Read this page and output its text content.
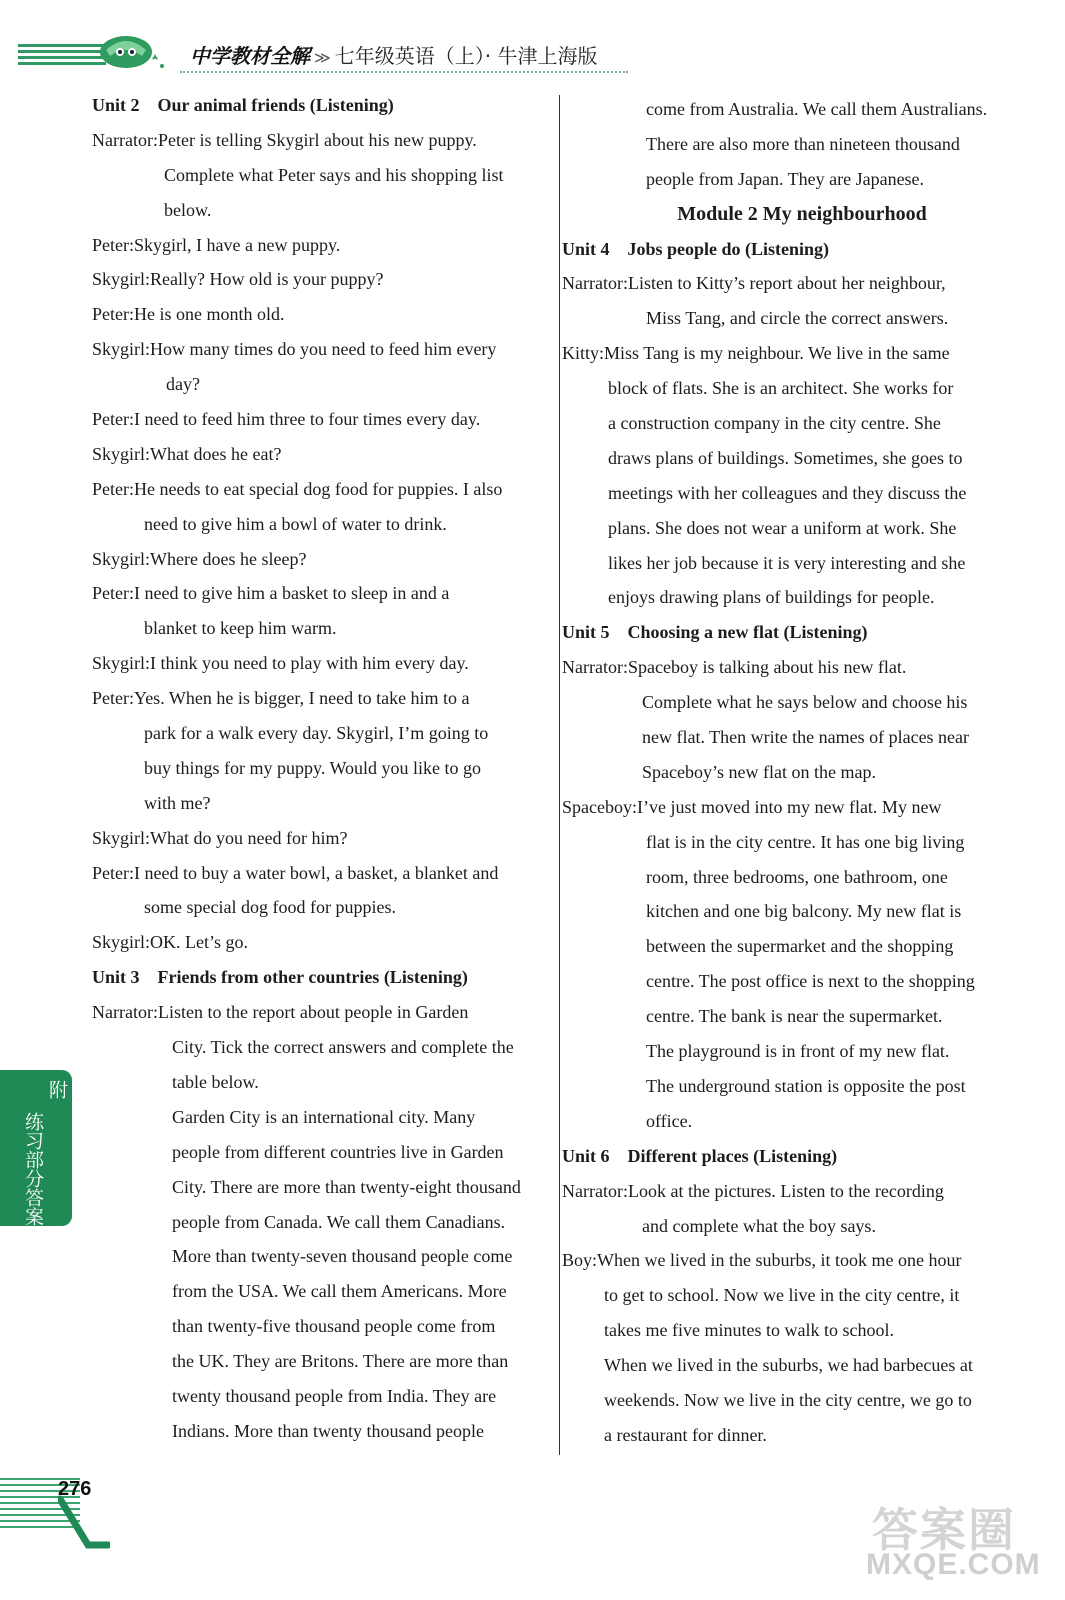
中学教材全解 ≫ 七年级英语（上）· 牛津上海版
Unit 2 Our animal friends (Listening)
Narrator:Peter is telling Skygirl about his new puppy.
Complete what Peter says and his shopping list
below.
Peter:Skygirl, I have a new puppy.
Skygirl:Really? How old is your puppy?
Peter:He is one month old.
Skygirl:How many times do you need to feed him every
day?
Peter:I need to feed him three to four times every day.
Skygirl:What does he eat?
Peter:He needs to eat special dog food for puppies. I also
need to give him a bowl of water to drink.
Skygirl:Where does he sleep?
Peter:I need to give him a basket to sleep in and a
blanket to keep him warm.
Skygirl:I think you need to play with him every day.
Peter:Yes. When he is bigger, I need to take him to a
park for a walk every day. Skygirl, I’m going to
buy things for my puppy. Would you like to go
with me?
Skygirl:What do you need for him?
Peter:I need to buy a water bowl, a basket, a blanket and
some special dog food for puppies.
Skygirl:OK. Let’s go.
Unit 3 Friends from other countries (Listening)
Narrator:Listen to the report about people in Garden
City. Tick the correct answers and complete the
table below.
Garden City is an international city. Many
people from different countries live in Garden
City. There are more than twenty-eight thousand
people from Canada. We call them Canadians.
More than twenty-seven thousand people come
from the USA. We call them Americans. More
than twenty-five thousand people come from
the UK. They are Britons. There are more than
twenty thousand people from India. They are
Indians. More than twenty thousand people
come from Australia. We call them Australians.
There are also more than nineteen thousand
people from Japan. They are Japanese.
Module 2 My neighbourhood
Unit 4 Jobs people do (Listening)
Narrator:Listen to Kitty’s report about her neighbour,
Miss Tang, and circle the correct answers.
Kitty:Miss Tang is my neighbour. We live in the same
block of flats. She is an architect. She works for
a construction company in the city centre. She
draws plans of buildings. Sometimes, she goes to
meetings with her colleagues and they discuss the
plans. She does not wear a uniform at work. She
likes her job because it is very interesting and she
enjoys drawing plans of buildings for people.
Unit 5 Choosing a new flat (Listening)
Narrator:Spaceboy is talking about his new flat.
Complete what he says below and choose his
new flat. Then write the names of places near
Spaceboy’s new flat on the map.
Spaceboy:I’ve just moved into my new flat. My new
flat is in the city centre. It has one big living
room, three bedrooms, one bathroom, one
kitchen and one big balcony. My new flat is
between the supermarket and the shopping
centre. The post office is next to the shopping
centre. The bank is near the supermarket.
The playground is in front of my new flat.
The underground station is opposite the post
office.
Unit 6 Different places (Listening)
Narrator:Look at the pictures. Listen to the recording
and complete what the boy says.
Boy:When we lived in the suburbs, it took me one hour
to get to school. Now we live in the city centre, it
takes me five minutes to walk to school.
When we lived in the suburbs, we had barbecues at
weekends. Now we live in the city centre, we go to
a restaurant for dinner.
附
练习部分答案
276
答案圈
MXQE.COM
